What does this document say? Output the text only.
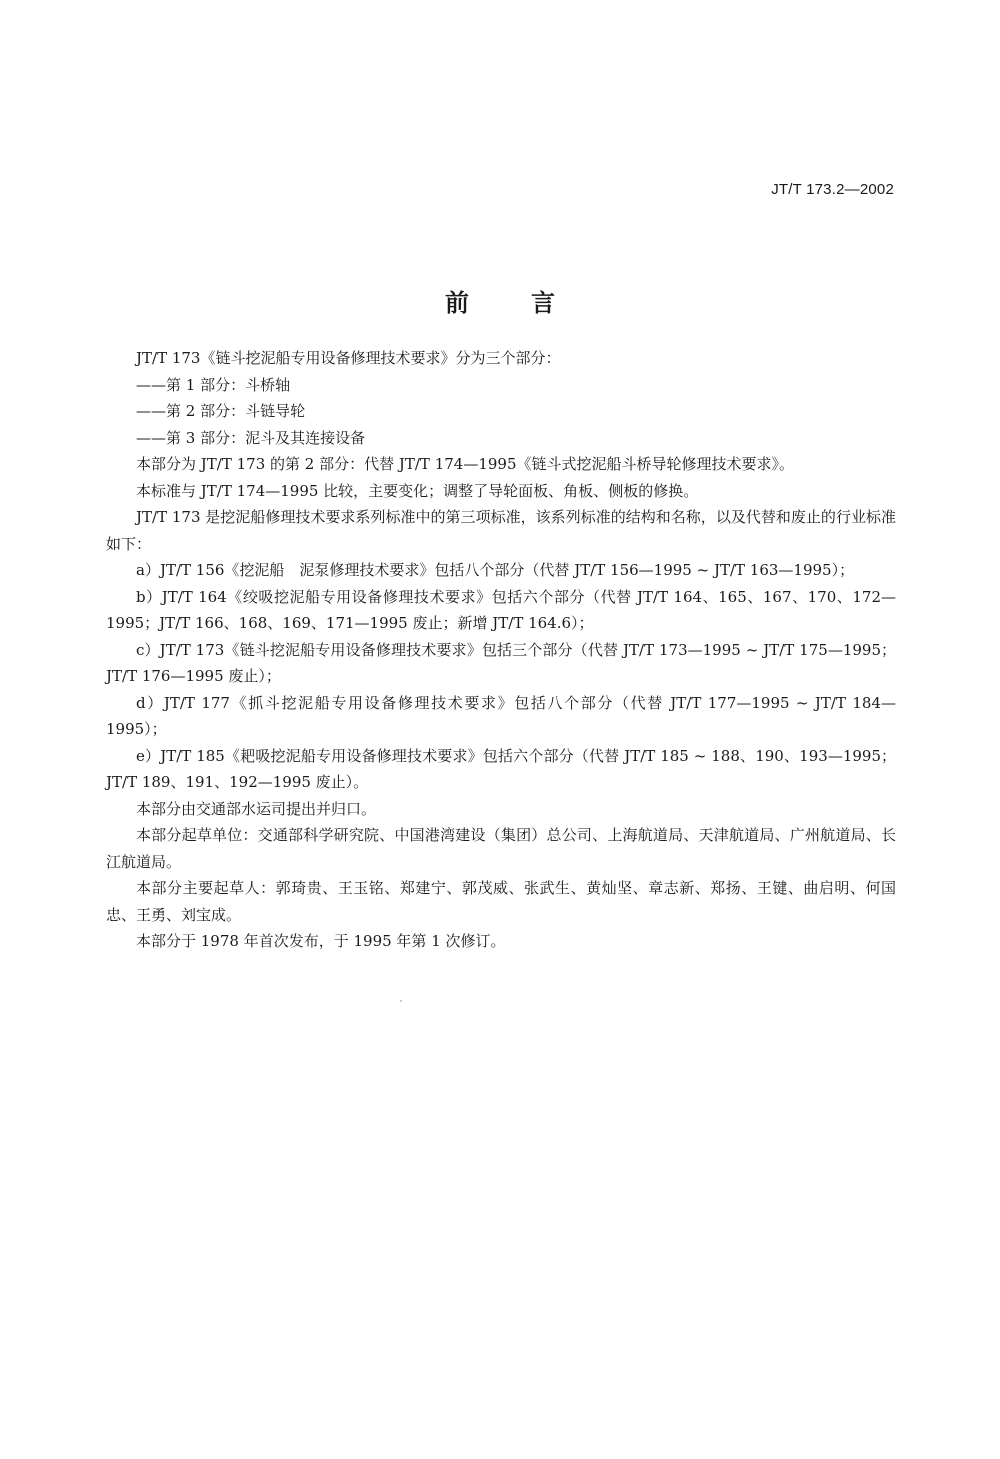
JT/T 173.2—2002
前	言

JT/T 173《链斗挖泥船专用设备修理技术要求》分为三个部分：

——第 1 部分：斗桥轴

——第 2 部分：斗链导轮

——第 3 部分：泥斗及其连接设备

本部分为 JT/T 173 的第 2 部分：代替 JT/T 174—1995《链斗式挖泥船斗桥导轮修理技术要求》。

本标准与 JT/T 174—1995 比较，主要变化；调整了导轮面板、角板、侧板的修换。

JT/T 173 是挖泥船修理技术要求系列标准中的第三项标准，该系列标准的结构和名称，以及代替和废止的行业标准如下：

a）JT/T 156《挖泥船　泥泵修理技术要求》包括八个部分（代替 JT/T 156—1995 ~ JT/T 163—1995）；

b）JT/T 164《绞吸挖泥船专用设备修理技术要求》包括六个部分（代替 JT/T 164、165、167、170、172—1995；JT/T 166、168、169、171—1995 废止；新增 JT/T 164.6）；

c）JT/T 173《链斗挖泥船专用设备修理技术要求》包括三个部分（代替 JT/T 173—1995 ~ JT/T 175—1995；JT/T 176—1995 废止）；

d）JT/T 177《抓斗挖泥船专用设备修理技术要求》包括八个部分（代替 JT/T 177—1995 ~ JT/T 184—1995）；

e）JT/T 185《耙吸挖泥船专用设备修理技术要求》包括六个部分（代替 JT/T 185 ~ 188、190、193—1995；JT/T 189、191、192—1995 废止）。

本部分由交通部水运司提出并归口。

本部分起草单位：交通部科学研究院、中国港湾建设（集团）总公司、上海航道局、天津航道局、广州航道局、长江航道局。

本部分主要起草人：郭琦贵、王玉铭、郑建宁、郭茂威、张武生、黄灿坚、章志新、郑扬、王键、曲启明、何国忠、王勇、刘宝成。

本部分于 1978 年首次发布，于 1995 年第 1 次修订。
